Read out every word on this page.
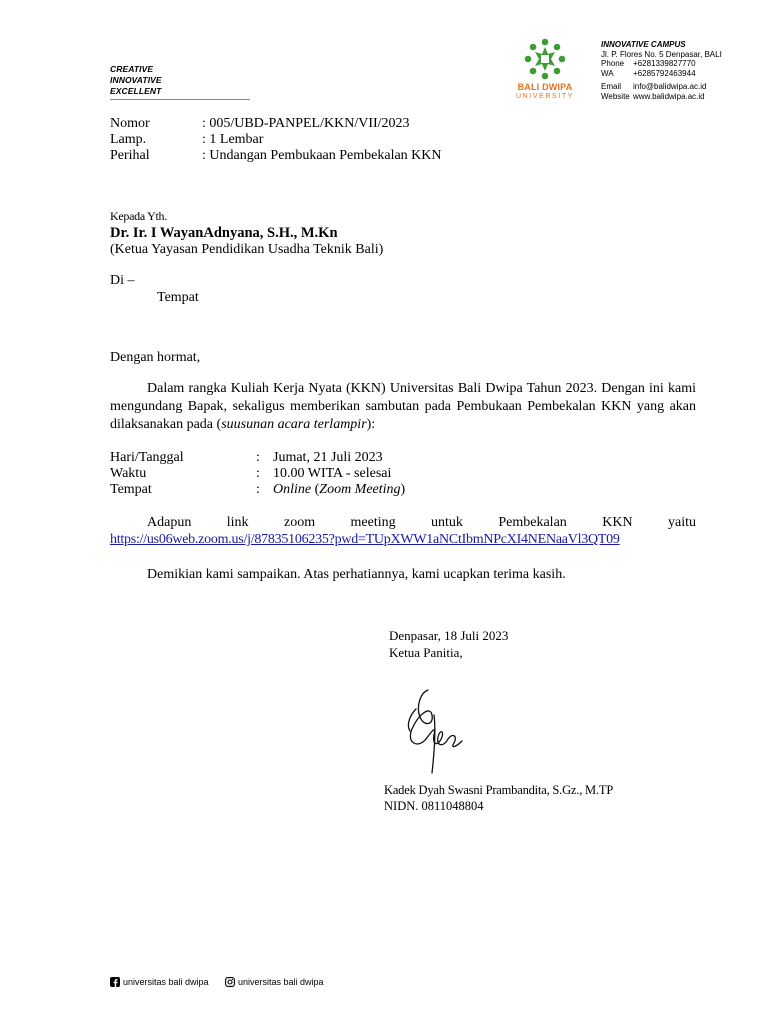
CREATIVE
INNOVATIVE
EXCELLENT	BALI DWIPA
UNIVERSITY
INNOVATIVE CAMPUS
Jl. P. Flores No. 5 Denpasar, BALI
Phone +6281339827770
WA +6285792463944
Email info@balidwipa.ac.id
Website www.balidwipa.ac.id
Nomor	: 005/UBD-PANPEL/KKN/VII/2023
Lamp.	: 1 Lembar
Perihal	: Undangan Pembukaan Pembekalan KKN
Kepada Yth.
Dr. Ir. I WayanAdnyana, S.H., M.Kn
(Ketua Yayasan Pendidikan Usadha Teknik Bali)
Di –
Tempat
Dengan hormat,
Dalam rangka Kuliah Kerja Nyata (KKN) Universitas Bali Dwipa Tahun 2023. Dengan ini kami mengundang Bapak, sekaligus memberikan sambutan pada Pembukaan Pembekalan KKN yang akan dilaksanakan pada (suusunan acara terlampir):
Hari/Tanggal	: Jumat, 21 Juli 2023
Waktu	: 10.00 WITA - selesai
Tempat	: Online (Zoom Meeting)
Adapun link zoom meeting untuk Pembekalan KKN yaitu
https://us06web.zoom.us/j/87835106235?pwd=TUpXWW1aNCtIbmNPcXI4NENaaVl3QT09
Demikian kami sampaikan. Atas perhatiannya, kami ucapkan terima kasih.
Denpasar, 18 Juli 2023
Ketua Panitia,
Kadek Dyah Swasni Prambandita, S.Gz., M.TP
NIDN. 0811048804
universitas bali dwipa	universitas bali dwipa
